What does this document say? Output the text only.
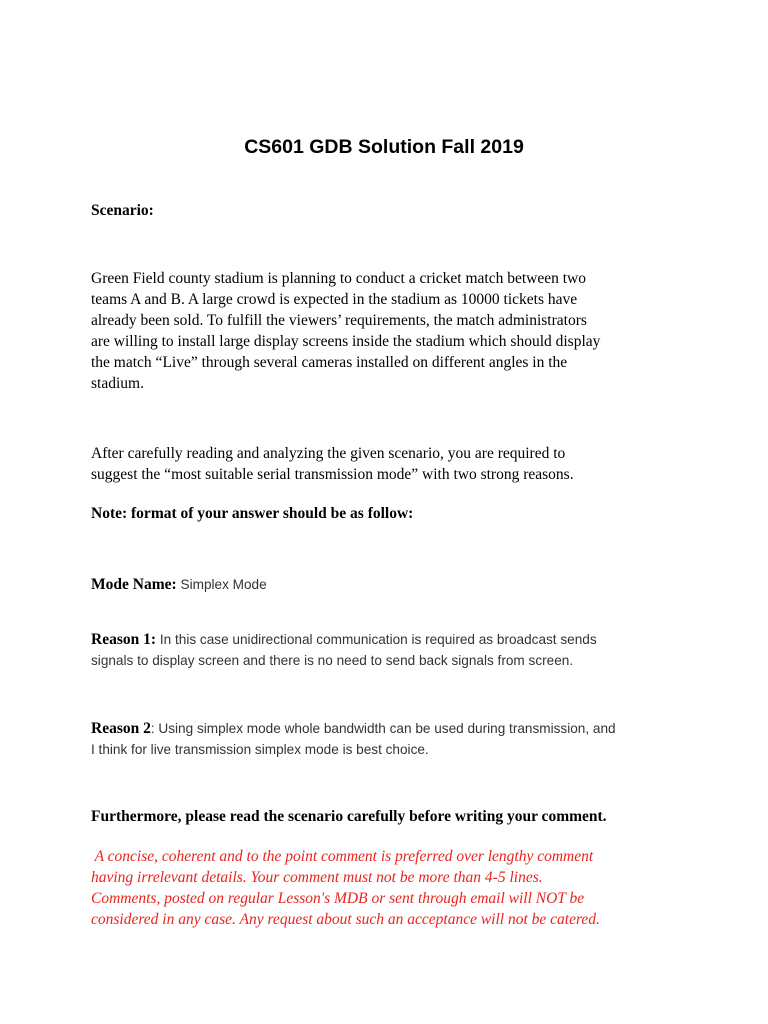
CS601 GDB Solution Fall 2019

Scenario:

Green Field county stadium is planning to conduct a cricket match between two
teams A and B. A large crowd is expected in the stadium as 10000 tickets have
already been sold. To fulfill the viewers’ requirements, the match administrators
are willing to install large display screens inside the stadium which should display
the match “Live” through several cameras installed on different angles in the
stadium.
After carefully reading and analyzing the given scenario, you are required to
suggest the “most suitable serial transmission mode” with two strong reasons.

Note: format of your answer should be as follow:

Mode Name: Simplex Mode

Reason 1: In this case unidirectional communication is required as broadcast sends
signals to display screen and there is no need to send back signals from screen.
Reason 2: Using simplex mode whole bandwidth can be used during transmission, and
I think for live transmission simplex mode is best choice.

Furthermore, please read the scenario carefully before writing your comment.

A concise, coherent and to the point comment is preferred over lengthy comment
having irrelevant details. Your comment must not be more than 4-5 lines.
Comments, posted on regular Lesson's MDB or sent through email will NOT be
considered in any case. Any request about such an acceptance will not be catered.
